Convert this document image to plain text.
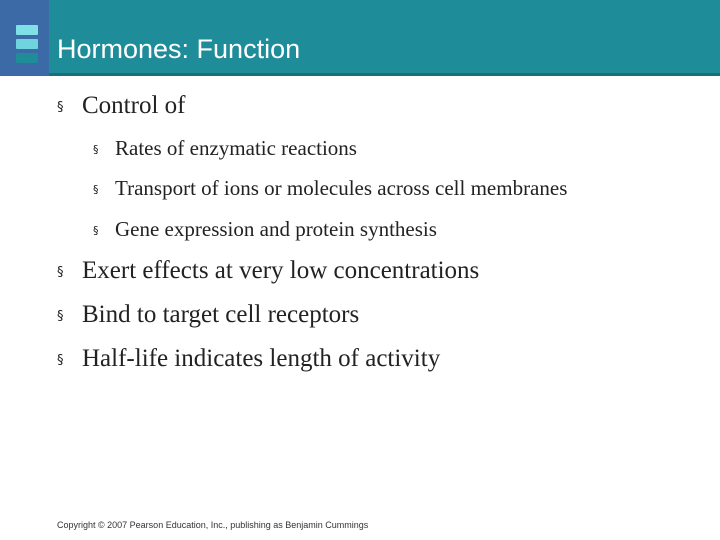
Hormones: Function
§ Control of
§ Rates of enzymatic reactions
§ Transport of ions or molecules across cell membranes
§ Gene expression and protein synthesis
§ Exert effects at very low concentrations
§ Bind to target cell receptors
§ Half-life indicates length of activity
Copyright © 2007 Pearson Education, Inc., publishing as Benjamin Cummings
